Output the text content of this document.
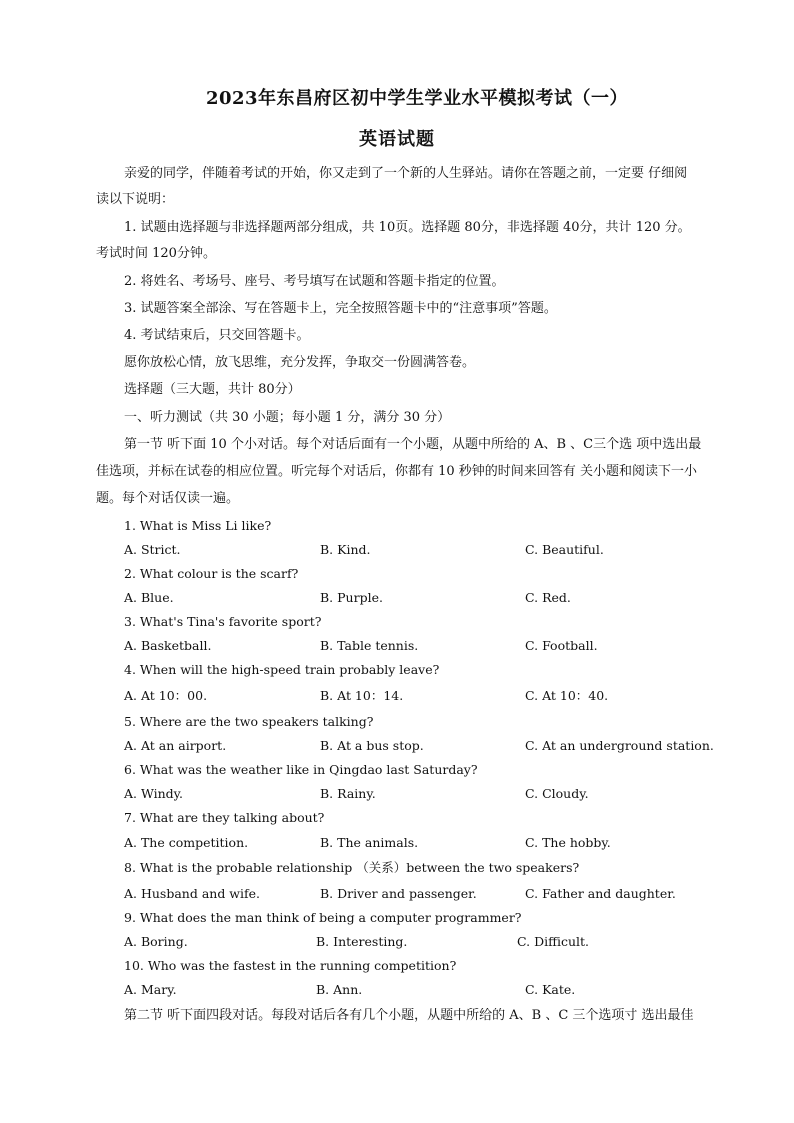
2023年东昌府区初中学生学业水平模拟考试（一）
英语试题
亲爱的同学，伴随着考试的开始，你又走到了一个新的人生驿站。请你在答题之前，一定要 仔细阅
读以下说明：
1. 试题由选择题与非选择题两部分组成，共 10页。选择题 80分，非选择题 40分，共计 120 分。
考试时间 120分钟。
2. 将姓名、考场号、座号、考号填写在试题和答题卡指定的位置。
3. 试题答案全部涂、写在答题卡上，完全按照答题卡中的“注意事项”答题。
4. 考试结束后，只交回答题卡。
愿你放松心情，放飞思维，充分发挥，争取交一份圆满答卷。
选择题（三大题，共计 80分）
一、听力测试（共 30 小题；每小题 1 分，满分 30 分）
第一节 听下面 10 个小对话。每个对话后面有一个小题，从题中所给的 A、B 、C三个选 项中选出最
佳选项，并标在试卷的相应位置。听完每个对话后，你都有 10 秒钟的时间来回答有 关小题和阅读下一小
题。每个对话仅读一遍。
1. What is Miss Li like?
A. Strict.	B. Kind.	C. Beautiful.
2. What colour is the scarf?
A. Blue.	B. Purple.	C. Red.
3. What's Tina's favorite sport?
A. Basketball.	B. Table tennis.	C. Football.
4. When will the high-speed train probably leave?
A. At 10：00.	B. At 10：14.	C. At 10：40.
5. Where are the two speakers talking?
A. At an airport.	B. At a bus stop.	C. At an underground station.
6. What was the weather like in Qingdao last Saturday?
A. Windy.	B. Rainy.	C. Cloudy.
7. What are they talking about?
A. The competition.	B. The animals.	C. The hobby.
8. What is the probable relationship （关系）between the two speakers?
A. Husband and wife.	B. Driver and passenger.	C. Father and daughter.
9. What does the man think of being a computer programmer?
A. Boring.	B. Interesting.	C. Difficult.
10. Who was the fastest in the running competition?
A. Mary.	B. Ann.	C. Kate.
第二节 听下面四段对话。每段对话后各有几个小题，从题中所给的 A、B 、C 三个选项寸 选出最佳
